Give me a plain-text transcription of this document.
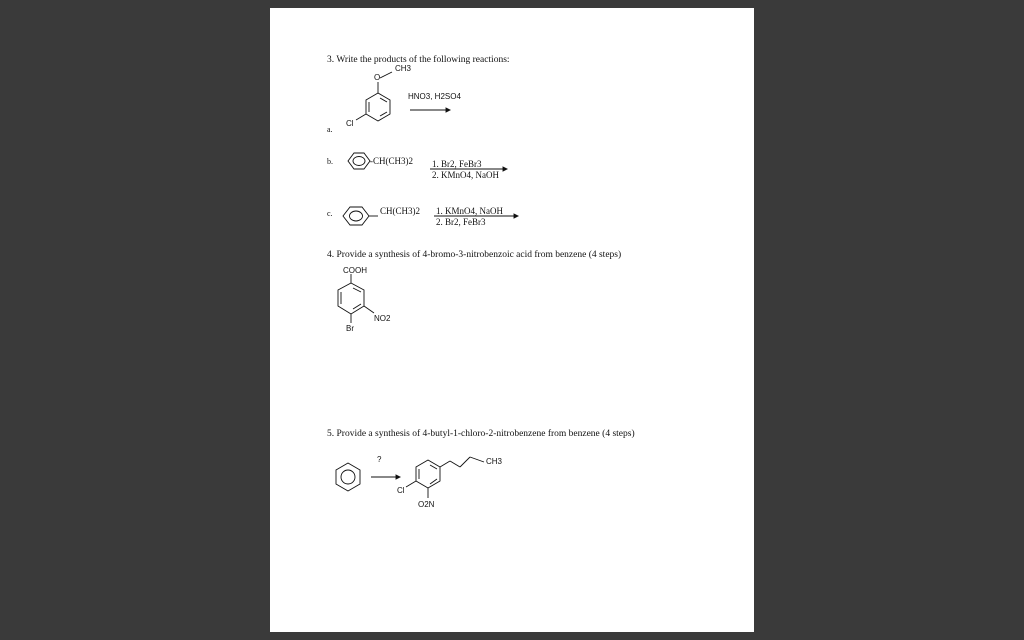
3. Write the products of the following reactions:
CH3
O
Cl
HNO3, H2SO4
a.
b.	-CH(CH3)2 1. Br2, FeBr3
2. KMnO4, NaOH
c.	CH(CH3)2 1. KMnO4, NaOH
2. Br2, FeBr3
4. Provide a synthesis of 4-bromo-3-nitrobenzoic acid from benzene (4 steps)
COOH
NO2
Br
5. Provide a synthesis of 4-butyl-1-chloro-2-nitrobenzene from benzene (4 steps)
?	CH3
Cl
O2N
